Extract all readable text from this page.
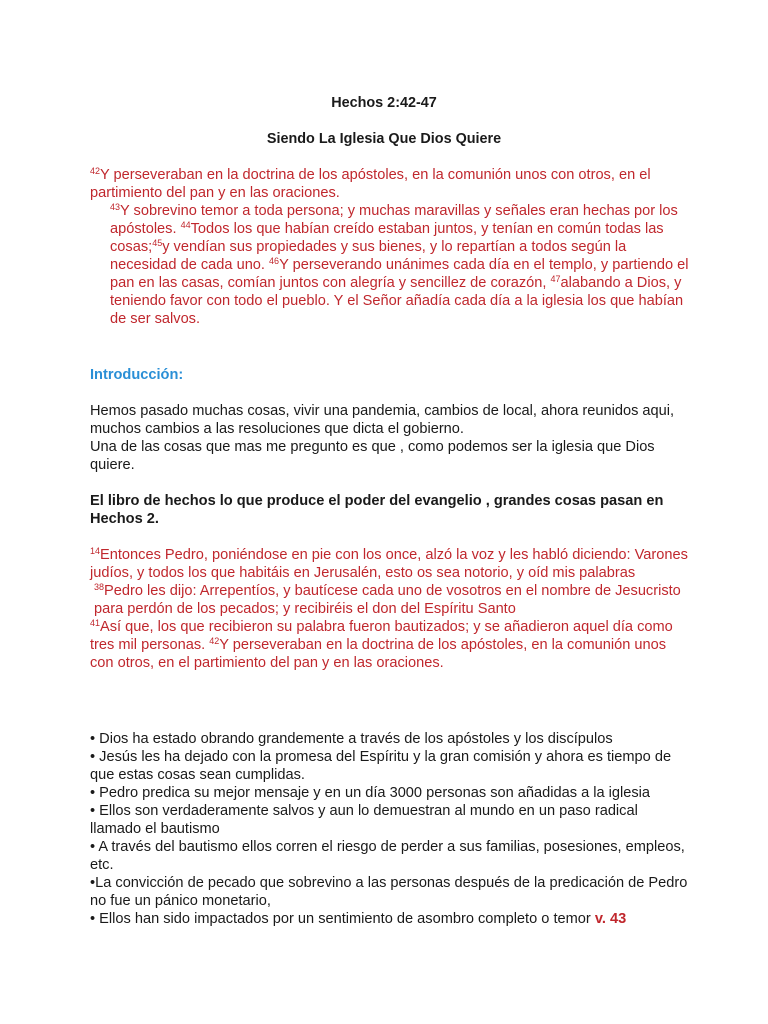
Hechos 2:42-47
Siendo La Iglesia Que Dios Quiere

$^{42}$Y perseveraban en la doctrina de los apóstoles, en la comunión unos con otros, en el partimiento del pan y en las oraciones.

$^{43}$Y sobrevino temor a toda persona; y muchas maravillas y señales eran hechas por los apóstoles. $^{44}$Todos los que habían creído estaban juntos, y tenían en común todas las cosas;$^{45}$y vendían sus propiedades y sus bienes, y lo repartían a todos según la necesidad de cada uno. $^{46}$Y perseverando unánimes cada día en el templo, y partiendo el pan en las casas, comían juntos con alegría y sencillez de corazón, $^{47}$alabando a Dios, y teniendo favor con todo el pueblo. Y el Señor añadía cada día a la iglesia los que habían de ser salvos.

Introducción:

Hemos pasado muchas cosas, vivir una pandemia, cambios de local, ahora reunidos aqui, muchos cambios a las resoluciones que dicta el gobierno.

Una de las cosas que mas me pregunto es que , como podemos ser la iglesia que Dios quiere.

El libro de hechos lo que produce el poder del evangelio , grandes cosas pasan en Hechos 2.

$^{14}$Entonces Pedro, poniéndose en pie con los once, alzó la voz y les habló diciendo: Varones judíos, y todos los que habitáis en Jerusalén, esto os sea notorio, y oíd mis palabras

$^{38}$Pedro les dijo: Arrepentíos, y bautícese cada uno de vosotros en el nombre de Jesucristo para perdón de los pecados; y recibiréis el don del Espíritu Santo

$^{41}$Así que, los que recibieron su palabra fueron bautizados; y se añadieron aquel día como tres mil personas. $^{42}$Y perseveraban en la doctrina de los apóstoles, en la comunión unos con otros, en el partimiento del pan y en las oraciones.

• Dios ha estado obrando grandemente a través de los apóstoles y los discípulos

• Jesús les ha dejado con la promesa del Espíritu y la gran comisión y ahora es tiempo de que estas cosas sean cumplidas.

• Pedro predica su mejor mensaje y en un día 3000 personas son añadidas a la iglesia

• Ellos son verdaderamente salvos y aun lo demuestran al mundo en un paso radical llamado el bautismo

• A través del bautismo ellos corren el riesgo de perder a sus familias, posesiones, empleos, etc.

•La convicción de pecado que sobrevino a las personas después de la predicación de Pedro no fue un pánico monetario,

• Ellos han sido impactados por un sentimiento de asombro completo o temor v. 43
